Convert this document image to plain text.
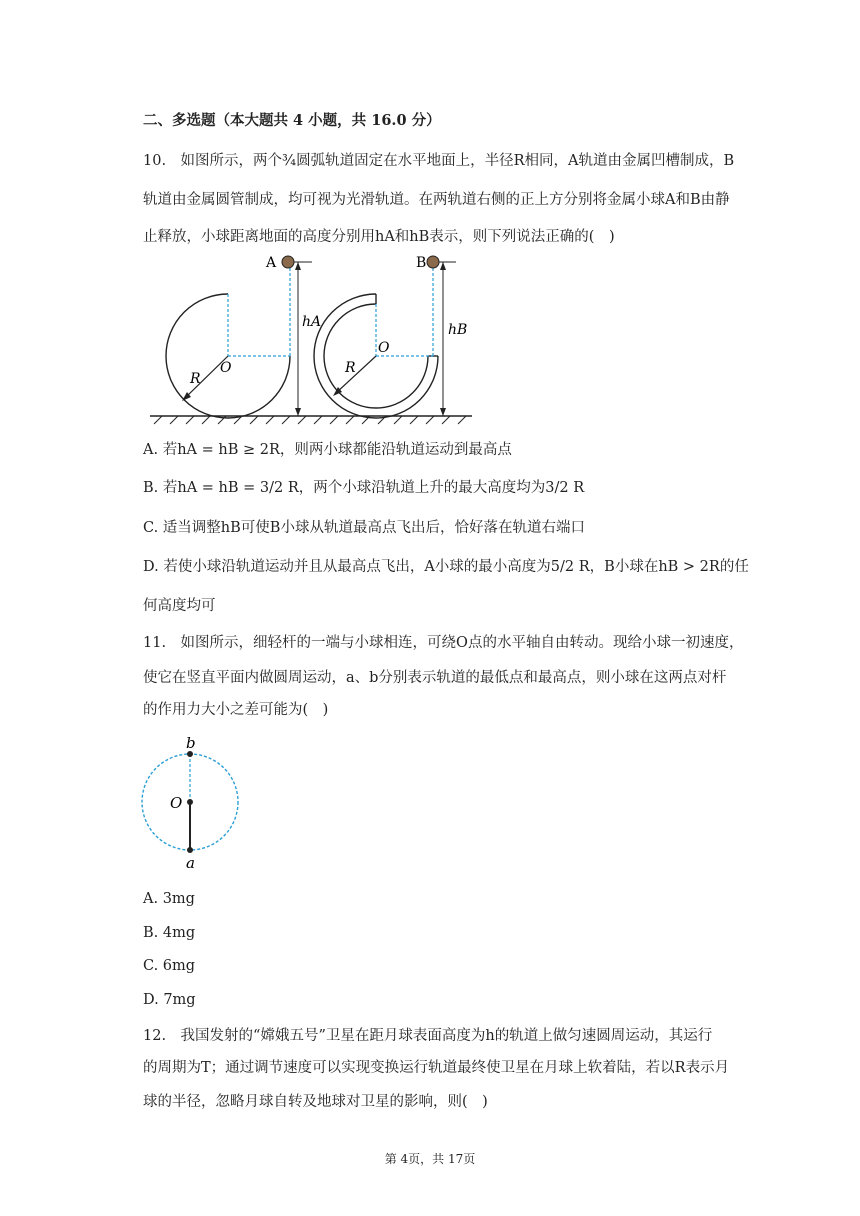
二、多选题（本大题共 4 小题，共 16.0 分）
10.　如图所示，两个¾圆弧轨道固定在水平地面上，半径R相同，A轨道由金属凹槽制成，B
轨道由金属圆管制成，均可视为光滑轨道。在两轨道右侧的正上方分别将金属小球A和B由静
止释放，小球距离地面的高度分别用hA和hB表示，则下列说法正确的(　)
O
R
A
hA
O
R
B
hB
A. 若hA = hB ≥ 2R，则两小球都能沿轨道运动到最高点
B. 若hA = hB = 3/2 R，两个小球沿轨道上升的最大高度均为3/2 R
C. 适当调整hB可使B小球从轨道最高点飞出后，恰好落在轨道右端口
D. 若使小球沿轨道运动并且从最高点飞出，A小球的最小高度为5/2 R，B小球在hB > 2R的任
何高度均可
11.　如图所示，细轻杆的一端与小球相连，可绕O点的水平轴自由转动。现给小球一初速度，
使它在竖直平面内做圆周运动，a、b分别表示轨道的最低点和最高点，则小球在这两点对杆
的作用力大小之差可能为(　)
b
O
a
A. 3mg
B. 4mg
C. 6mg
D. 7mg
12.　我国发射的“嫦娥五号”卫星在距月球表面高度为h的轨道上做匀速圆周运动，其运行
的周期为T；通过调节速度可以实现变换运行轨道最终使卫星在月球上软着陆，若以R表示月
球的半径，忽略月球自转及地球对卫星的影响，则(　)
第 4页，共 17页
